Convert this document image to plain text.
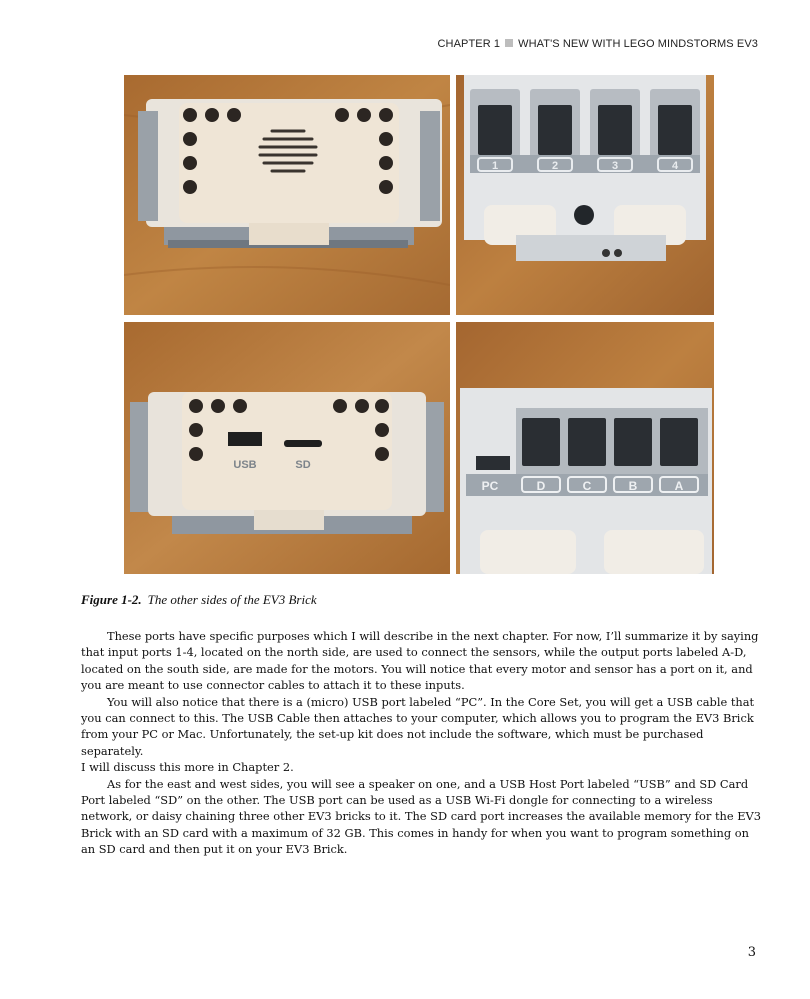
CHAPTER 1 WHAT'S NEW WITH LEGO MINDSTORMS EV3
1	2	3	4
USB	SD
PC	D	C	B	A
Figure 1-2. The other sides of the EV3 Brick

These ports have specific purposes which I will describe in the next chapter. For now, I’ll summarize it by saying that input ports 1-4, located on the north side, are used to connect the sensors, while the output ports labeled A-D, located on the south side, are made for the motors. You will notice that every motor and sensor has a port on it, and you are meant to use connector cables to attach it to these inputs.

You will also notice that there is a (micro) USB port labeled “PC”. In the Core Set, you will get a USB cable that you can connect to this. The USB Cable then attaches to your computer, which allows you to program the EV3 Brick from your PC or Mac. Unfortunately, the set-up kit does not include the software, which must be purchased separately.

I will discuss this more in Chapter 2.

As for the east and west sides, you will see a speaker on one, and a USB Host Port labeled “USB” and SD Card Port labeled “SD” on the other. The USB port can be used as a USB Wi-Fi dongle for connecting to a wireless network, or daisy chaining three other EV3 bricks to it. The SD card port increases the available memory for the EV3 Brick with an SD card with a maximum of 32 GB. This comes in handy for when you want to program something on an SD card and then put it on your EV3 Brick.

3
